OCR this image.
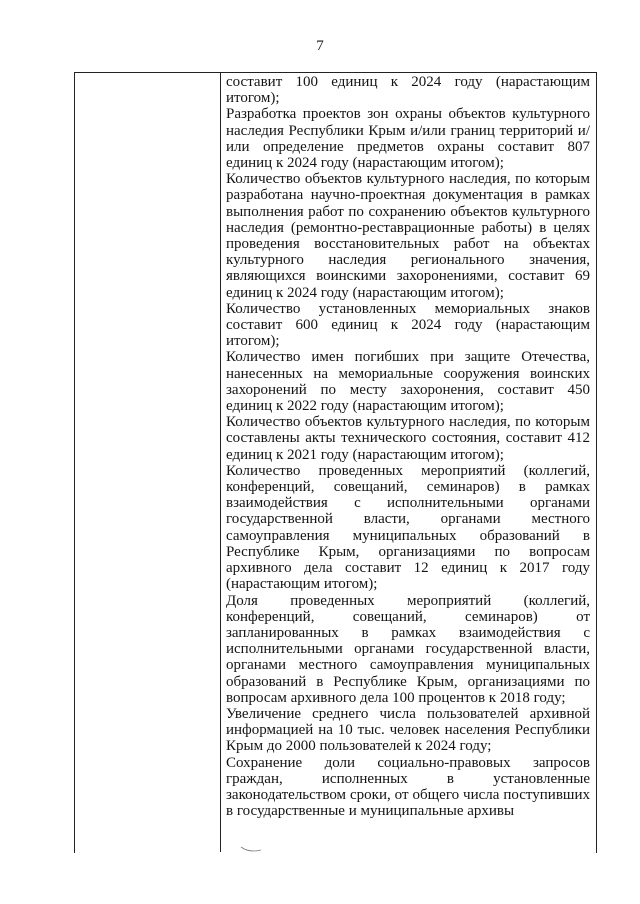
7

составит 100 единиц к 2024 году (нарастающим итогом);

Разработка проектов зон охраны объектов культурного наследия Республики Крым и/или границ территорий и/или определение предметов охраны составит 807 единиц к 2024 году (нарастающим итогом);

Количество объектов культурного наследия, по которым разработана научно-проектная документация в рамках выполнения работ по сохранению объектов культурного наследия (ремонтно-реставрационные работы) в целях проведения восстановительных работ на объектах культурного наследия регионального значения, являющихся воинскими захоронениями, составит 69 единиц к 2024 году (нарастающим итогом);

Количество установленных мемориальных знаков составит 600 единиц к 2024 году (нарастающим итогом);

Количество имен погибших при защите Отечества, нанесенных на мемориальные сооружения воинских захоронений по месту захоронения, составит 450 единиц к 2022 году (нарастающим итогом);

Количество объектов культурного наследия, по которым составлены акты технического состояния, составит 412 единиц к 2021 году (нарастающим итогом);

Количество проведенных мероприятий (коллегий, конференций, совещаний, семинаров) в рамках взаимодействия с исполнительными органами государственной власти, органами местного самоуправления муниципальных образований в Республике Крым, организациями по вопросам архивного дела составит 12 единиц к 2017 году (нарастающим итогом);

Доля проведенных мероприятий (коллегий, конференций, совещаний, семинаров) от запланированных в рамках взаимодействия с исполнительными органами государственной власти, органами местного самоуправления муниципальных образований в Республике Крым, организациями по вопросам архивного дела 100 процентов к 2018 году;

Увеличение среднего числа пользователей архивной информацией на 10 тыс. человек населения Республики Крым до 2000 пользователей к 2024 году;

Сохранение доли социально-правовых запросов граждан, исполненных в установленные законодательством сроки, от общего числа поступивших в государственные и муниципальные архивы
